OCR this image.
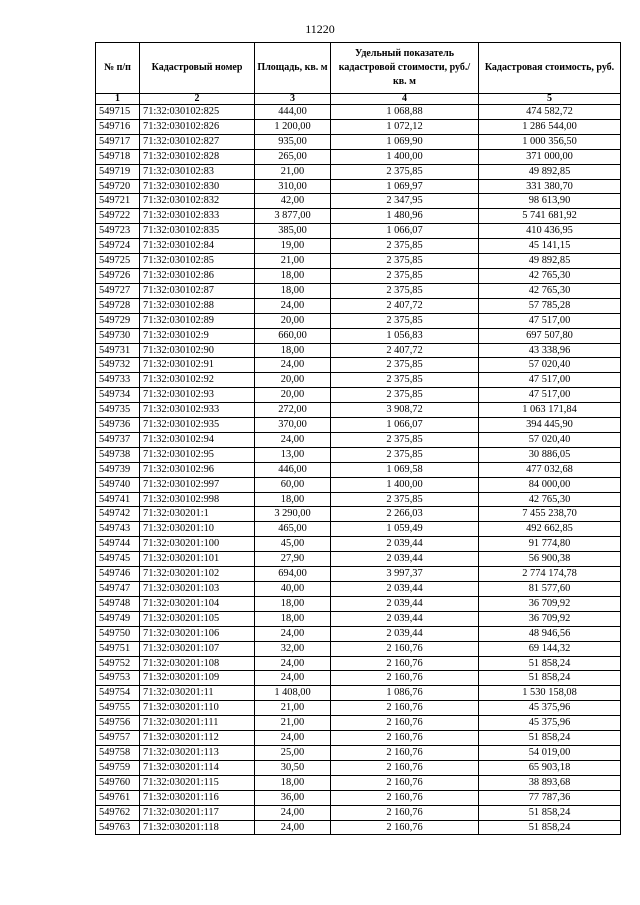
11220
№ п/п	Кадастровый номер	Площадь, кв. м	Удельный показатель кадастровой стоимости, руб./кв. м	Кадастровая стоимость, руб.
1	2	3	4	5
549715	71:32:030102:825	444,00	1 068,88	474 582,72
549716	71:32:030102:826	1 200,00	1 072,12	1 286 544,00
549717	71:32:030102:827	935,00	1 069,90	1 000 356,50
549718	71:32:030102:828	265,00	1 400,00	371 000,00
549719	71:32:030102:83	21,00	2 375,85	49 892,85
549720	71:32:030102:830	310,00	1 069,97	331 380,70
549721	71:32:030102:832	42,00	2 347,95	98 613,90
549722	71:32:030102:833	3 877,00	1 480,96	5 741 681,92
549723	71:32:030102:835	385,00	1 066,07	410 436,95
549724	71:32:030102:84	19,00	2 375,85	45 141,15
549725	71:32:030102:85	21,00	2 375,85	49 892,85
549726	71:32:030102:86	18,00	2 375,85	42 765,30
549727	71:32:030102:87	18,00	2 375,85	42 765,30
549728	71:32:030102:88	24,00	2 407,72	57 785,28
549729	71:32:030102:89	20,00	2 375,85	47 517,00
549730	71:32:030102:9	660,00	1 056,83	697 507,80
549731	71:32:030102:90	18,00	2 407,72	43 338,96
549732	71:32:030102:91	24,00	2 375,85	57 020,40
549733	71:32:030102:92	20,00	2 375,85	47 517,00
549734	71:32:030102:93	20,00	2 375,85	47 517,00
549735	71:32:030102:933	272,00	3 908,72	1 063 171,84
549736	71:32:030102:935	370,00	1 066,07	394 445,90
549737	71:32:030102:94	24,00	2 375,85	57 020,40
549738	71:32:030102:95	13,00	2 375,85	30 886,05
549739	71:32:030102:96	446,00	1 069,58	477 032,68
549740	71:32:030102:997	60,00	1 400,00	84 000,00
549741	71:32:030102:998	18,00	2 375,85	42 765,30
549742	71:32:030201:1	3 290,00	2 266,03	7 455 238,70
549743	71:32:030201:10	465,00	1 059,49	492 662,85
549744	71:32:030201:100	45,00	2 039,44	91 774,80
549745	71:32:030201:101	27,90	2 039,44	56 900,38
549746	71:32:030201:102	694,00	3 997,37	2 774 174,78
549747	71:32:030201:103	40,00	2 039,44	81 577,60
549748	71:32:030201:104	18,00	2 039,44	36 709,92
549749	71:32:030201:105	18,00	2 039,44	36 709,92
549750	71:32:030201:106	24,00	2 039,44	48 946,56
549751	71:32:030201:107	32,00	2 160,76	69 144,32
549752	71:32:030201:108	24,00	2 160,76	51 858,24
549753	71:32:030201:109	24,00	2 160,76	51 858,24
549754	71:32:030201:11	1 408,00	1 086,76	1 530 158,08
549755	71:32:030201:110	21,00	2 160,76	45 375,96
549756	71:32:030201:111	21,00	2 160,76	45 375,96
549757	71:32:030201:112	24,00	2 160,76	51 858,24
549758	71:32:030201:113	25,00	2 160,76	54 019,00
549759	71:32:030201:114	30,50	2 160,76	65 903,18
549760	71:32:030201:115	18,00	2 160,76	38 893,68
549761	71:32:030201:116	36,00	2 160,76	77 787,36
549762	71:32:030201:117	24,00	2 160,76	51 858,24
549763	71:32:030201:118	24,00	2 160,76	51 858,24
